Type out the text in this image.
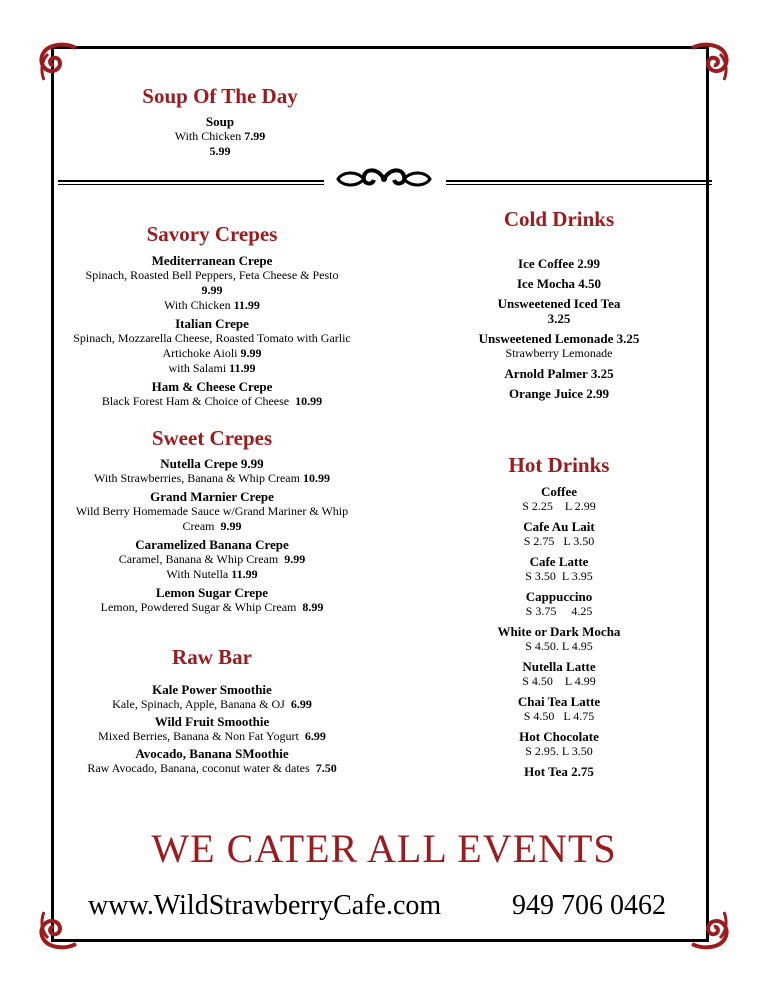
Soup Of The Day
Soup
With Chicken 7.99
5.99
Savory Crepes
Mediterranean Crepe
Spinach, Roasted Bell Peppers, Feta Cheese & Pesto
9.99
With Chicken 11.99
Italian Crepe
Spinach, Mozzarella Cheese, Roasted Tomato with Garlic
Artichoke Aioli 9.99
with Salami 11.99
Ham & Cheese Crepe
Black Forest Ham & Choice of Cheese 10.99
Sweet Crepes
Nutella Crepe 9.99
With Strawberries, Banana & Whip Cream 10.99
Grand Marnier Crepe
Wild Berry Homemade Sauce w/Grand Mariner & Whip
Cream 9.99
Caramelized Banana Crepe
Caramel, Banana & Whip Cream 9.99
With Nutella 11.99
Lemon Sugar Crepe
Lemon, Powdered Sugar & Whip Cream 8.99
Raw Bar
Kale Power Smoothie
Kale, Spinach, Apple, Banana & OJ 6.99
Wild Fruit Smoothie
Mixed Berries, Banana & Non Fat Yogurt 6.99
Avocado, Banana SMoothie
Raw Avocado, Banana, coconut water & dates 7.50
Cold Drinks
Ice Coffee 2.99
Ice Mocha 4.50
Unsweetened Iced Tea
3.25
Unsweetened Lemonade 3.25
Strawberry Lemonade
Arnold Palmer 3.25
Orange Juice 2.99
Hot Drinks
Coffee
S 2.25    L 2.99
Cafe Au Lait
S 2.75   L 3.50
Cafe Latte
S 3.50  L 3.95
Cappuccino
S 3.75     4.25
White or Dark Mocha
S 4.50. L 4.95
Nutella Latte
S 4.50    L 4.99
Chai Tea Latte
S 4.50   L 4.75
Hot Chocolate
S 2.95. L 3.50
Hot Tea 2.75
WE CATER ALL EVENTS
www.WildStrawberryCafe.com	949 706 0462
